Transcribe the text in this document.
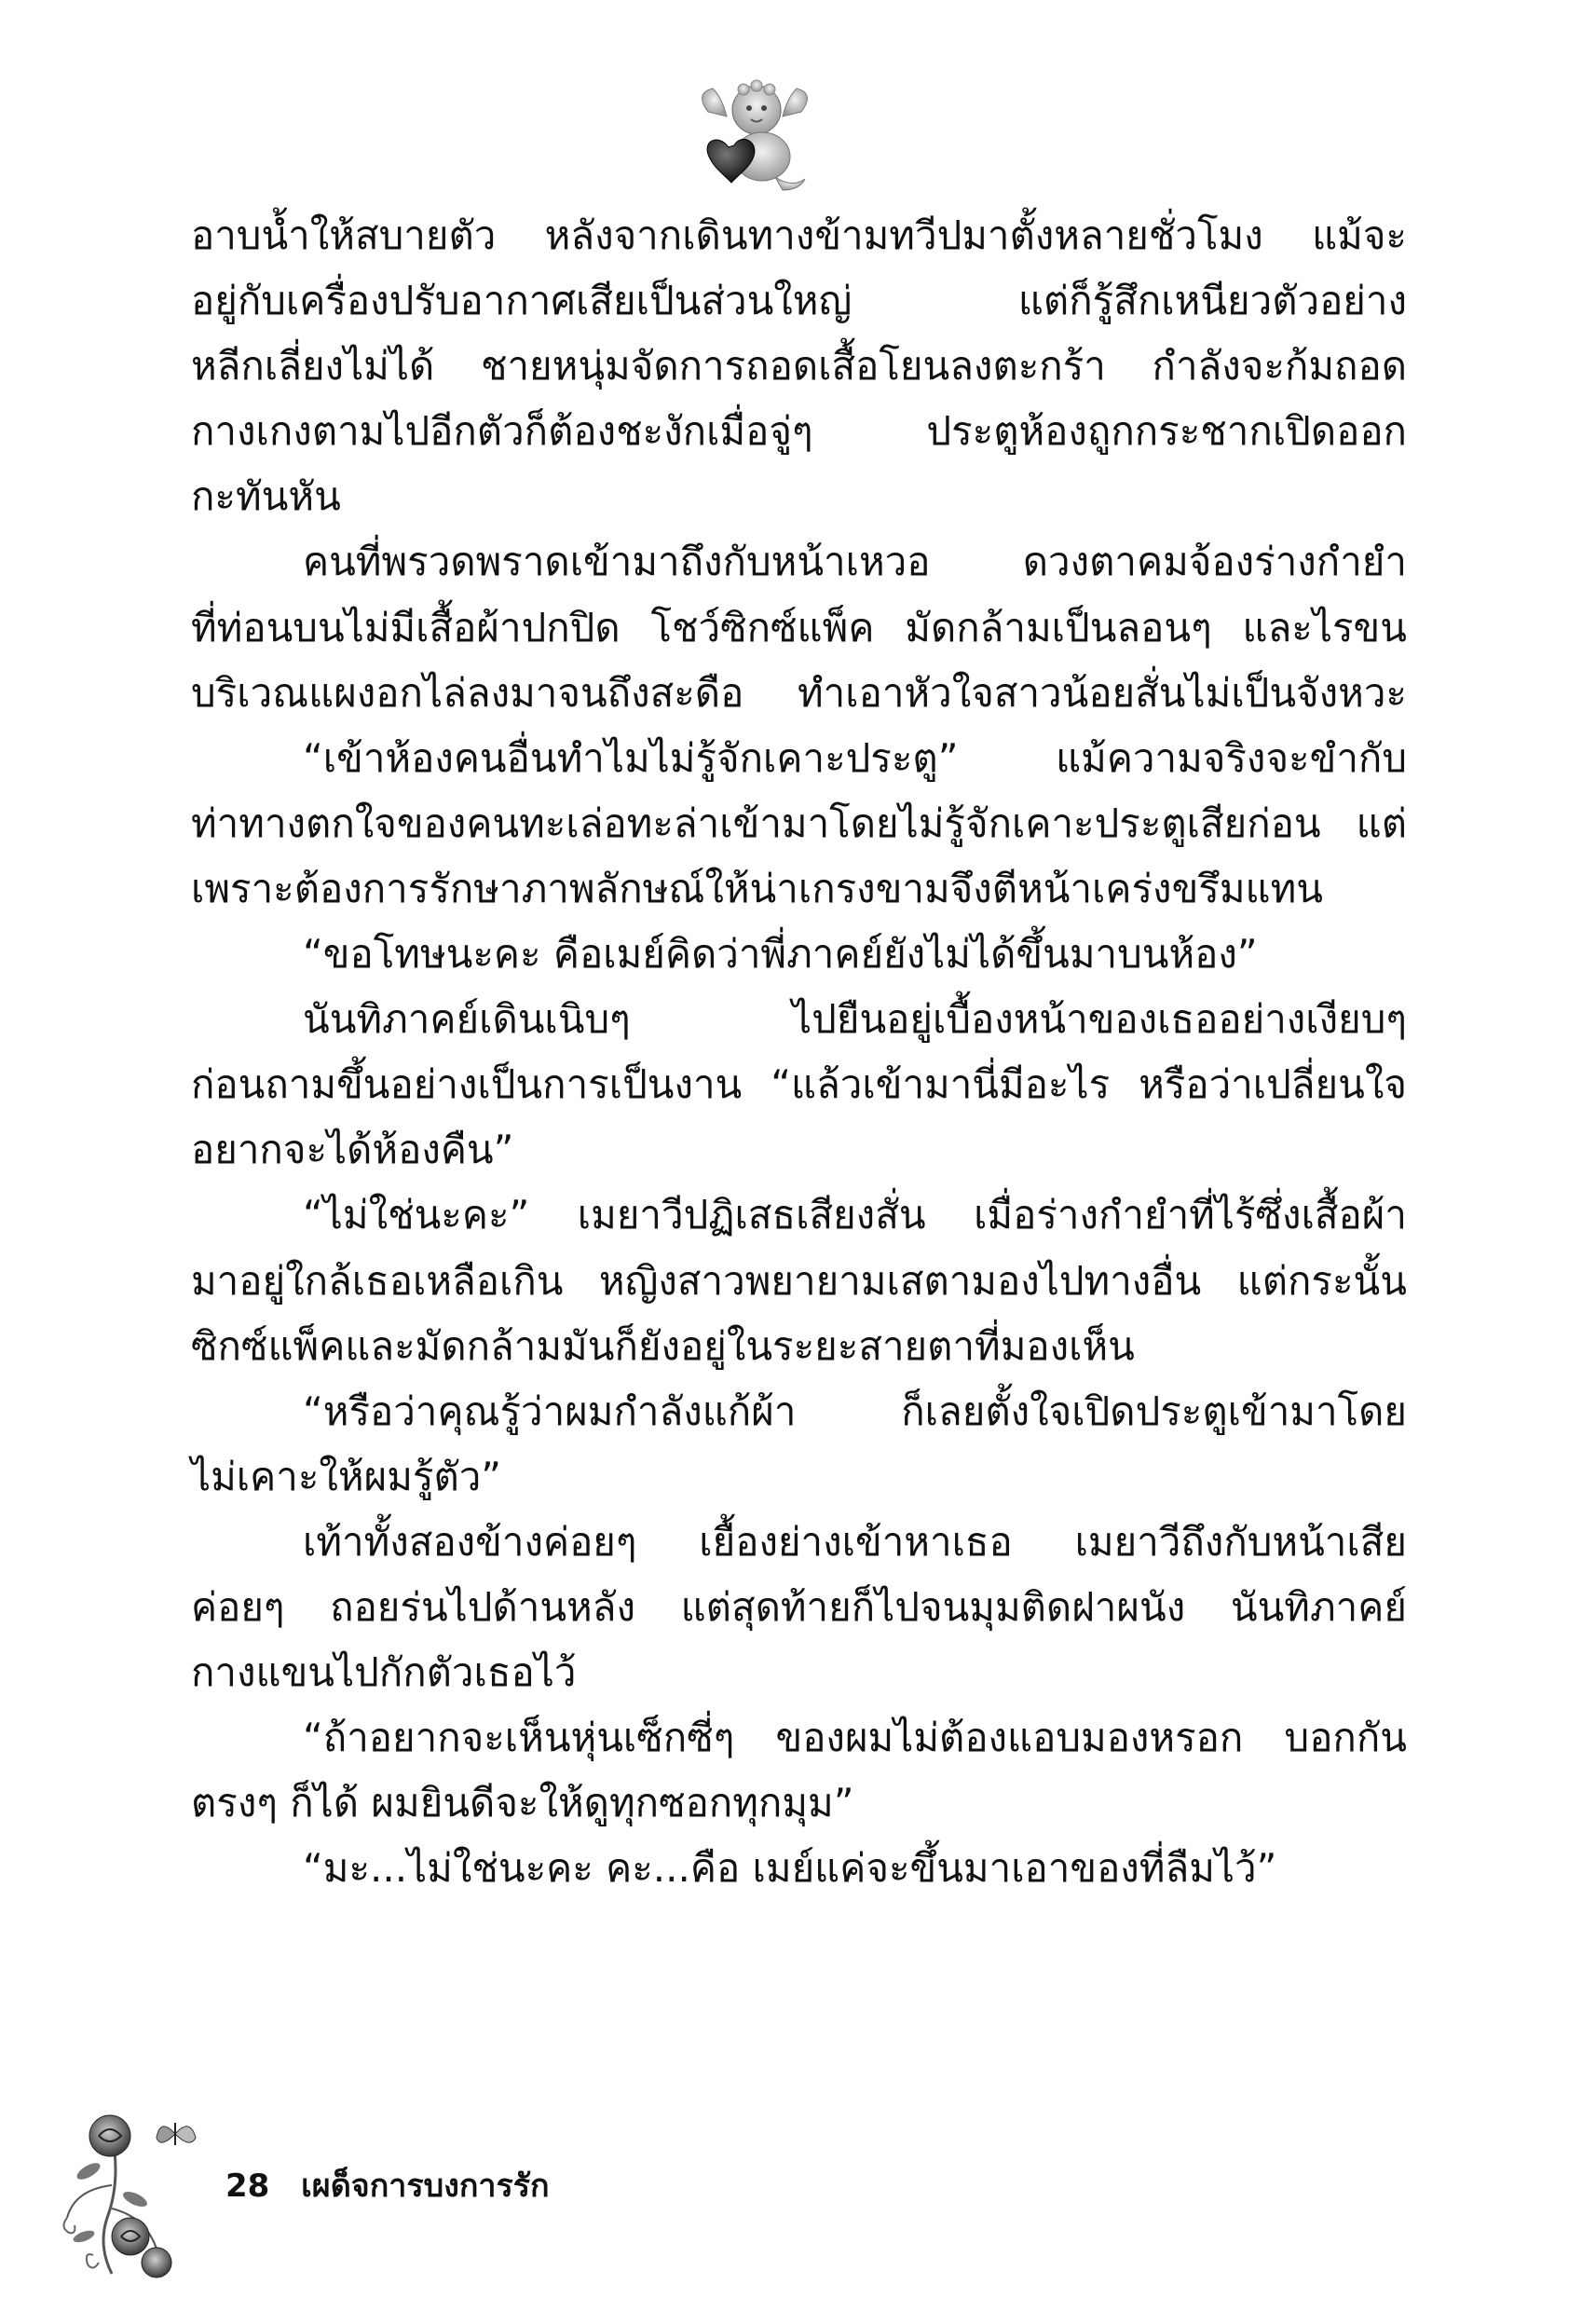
อาบน้ำให้สบายตัว หลังจากเดินทางข้ามทวีปมาตั้งหลายชั่วโมง แม้จะ
อยู่กับเครื่องปรับอากาศเสียเป็นส่วนใหญ่	แต่ก็รู้สึกเหนียวตัวอย่าง
หลีกเลี่ยงไม่ได้ ชายหนุ่มจัดการถอดเสื้อโยนลงตะกร้า กำลังจะก้มถอด
กางเกงตามไปอีกตัวก็ต้องชะงักเมื่อจู่ๆ	ประตูห้องถูกกระชากเปิดออก
กะทันหัน
คนที่พรวดพราดเข้ามาถึงกับหน้าเหวอ ดวงตาคมจ้องร่างกำยำ
ที่ท่อนบนไม่มีเสื้อผ้าปกปิด โชว์ซิกซ์แพ็ค มัดกล้ามเป็นลอนๆ และไรขน
บริเวณแผงอกไล่ลงมาจนถึงสะดือ ทำเอาหัวใจสาวน้อยสั่นไม่เป็นจังหวะ
“เข้าห้องคนอื่นทำไมไม่รู้จักเคาะประตู” แม้ความจริงจะขำกับ
ท่าทางตกใจของคนทะเล่อทะล่าเข้ามาโดยไม่รู้จักเคาะประตูเสียก่อน แต่
เพราะต้องการรักษาภาพลักษณ์ให้น่าเกรงขามจึงตีหน้าเคร่งขรึมแทน
“ขอโทษนะคะ คือเมย์คิดว่าพี่ภาคย์ยังไม่ได้ขึ้นมาบนห้อง”
นันทิภาคย์เดินเนิบๆ	ไปยืนอยู่เบื้องหน้าของเธออย่างเงียบๆ
ก่อนถามขึ้นอย่างเป็นการเป็นงาน “แล้วเข้ามานี่มีอะไร หรือว่าเปลี่ยนใจ
อยากจะได้ห้องคืน”
“ไม่ใช่นะคะ” เมยาวีปฏิเสธเสียงสั่น เมื่อร่างกำยำที่ไร้ซึ่งเสื้อผ้า
มาอยู่ใกล้เธอเหลือเกิน หญิงสาวพยายามเสตามองไปทางอื่น แต่กระนั้น
ซิกซ์แพ็คและมัดกล้ามมันก็ยังอยู่ในระยะสายตาที่มองเห็น
“หรือว่าคุณรู้ว่าผมกำลังแก้ผ้า	ก็เลยตั้งใจเปิดประตูเข้ามาโดย
ไม่เคาะให้ผมรู้ตัว”
เท้าทั้งสองข้างค่อยๆ เยื้องย่างเข้าหาเธอ เมยาวีถึงกับหน้าเสีย
ค่อยๆ ถอยร่นไปด้านหลัง แต่สุดท้ายก็ไปจนมุมติดฝาผนัง นันทิภาคย์
กางแขนไปกักตัวเธอไว้
“ถ้าอยากจะเห็นหุ่นเซ็กซี่ๆ ของผมไม่ต้องแอบมองหรอก บอกกัน
ตรงๆ ก็ได้ ผมยินดีจะให้ดูทุกซอกทุกมุม”
“มะ...ไม่ใช่นะคะ คะ...คือ เมย์แค่จะขึ้นมาเอาของที่ลืมไว้”
28 เผด็จการบงการรัก
